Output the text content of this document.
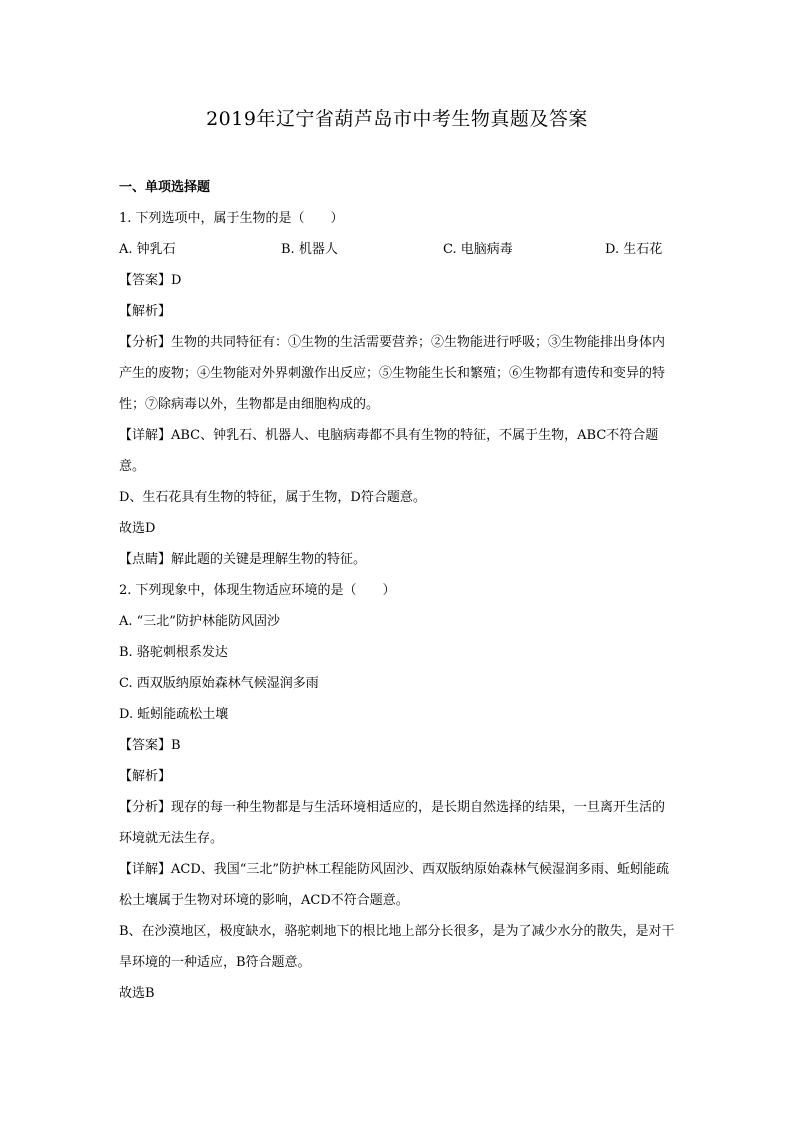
2019年辽宁省葫芦岛市中考生物真题及答案
一、单项选择题
1. 下列选项中，属于生物的是（　　）
A. 钟乳石	B. 机器人	C. 电脑病毒	D. 生石花
【答案】D
【解析】
【分析】生物的共同特征有：①生物的生活需要营养；②生物能进行呼吸；③生物能排出身体内产生的废物；④生物能对外界刺激作出反应；⑤生物能生长和繁殖；⑥生物都有遗传和变异的特性；⑦除病毒以外，生物都是由细胞构成的。
【详解】ABC、钟乳石、机器人、电脑病毒都不具有生物的特征，不属于生物，ABC不符合题意。
D、生石花具有生物的特征，属于生物，D符合题意。
故选D
【点睛】解此题的关键是理解生物的特征。
2. 下列现象中，体现生物适应环境的是（　　）
A. “三北”防护林能防风固沙
B. 骆驼刺根系发达
C. 西双版纳原始森林气候湿润多雨
D. 蚯蚓能疏松土壤
【答案】B
【解析】
【分析】现存的每一种生物都是与生活环境相适应的，是长期自然选择的结果，一旦离开生活的环境就无法生存。
【详解】ACD、我国“三北”防护林工程能防风固沙、西双版纳原始森林气候湿润多雨、蚯蚓能疏松土壤属于生物对环境的影响，ACD不符合题意。
B、在沙漠地区，极度缺水，骆驼刺地下的根比地上部分长很多，是为了减少水分的散失，是对干旱环境的一种适应，B符合题意。
故选B
